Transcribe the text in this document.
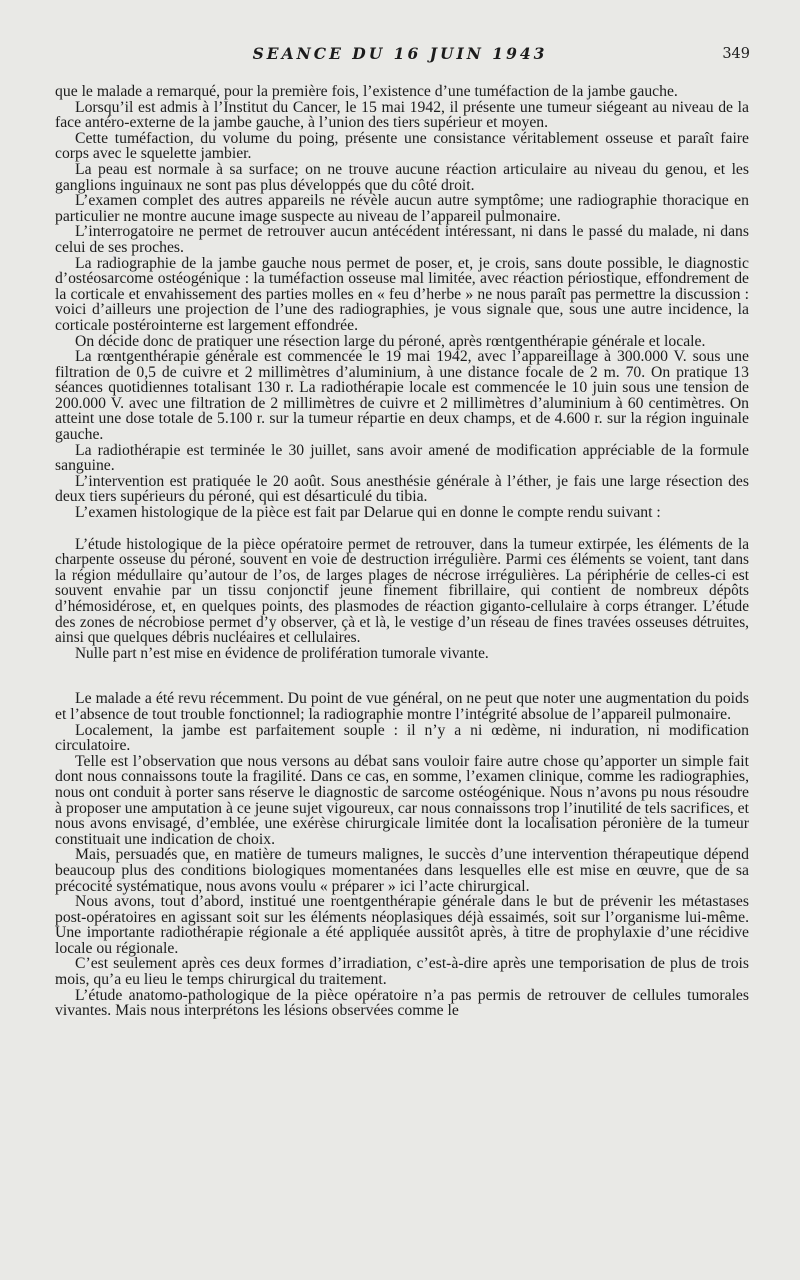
SEANCE DU 16 JUIN 1943	349

que le malade a remarqué, pour la première fois, l’existence d’une tuméfaction de la jambe gauche.

Lorsqu’il est admis à l’Institut du Cancer, le 15 mai 1942, il présente une tumeur siégeant au niveau de la face antéro-externe de la jambe gauche, à l’union des tiers supérieur et moyen.

Cette tuméfaction, du volume du poing, présente une consistance véritablement osseuse et paraît faire corps avec le squelette jambier.

La peau est normale à sa surface; on ne trouve aucune réaction articulaire au niveau du genou, et les ganglions inguinaux ne sont pas plus développés que du côté droit.

L’examen complet des autres appareils ne révèle aucun autre symptôme; une radiographie thoracique en particulier ne montre aucune image suspecte au niveau de l’appareil pulmonaire.

L’interrogatoire ne permet de retrouver aucun antécédent intéressant, ni dans le passé du malade, ni dans celui de ses proches.

La radiographie de la jambe gauche nous permet de poser, et, je crois, sans doute possible, le diagnostic d’ostéosarcome ostéogénique : la tuméfaction osseuse mal limitée, avec réaction périostique, effondrement de la corticale et envahissement des parties molles en « feu d’herbe » ne nous paraît pas permettre la discussion : voici d’ailleurs une projection de l’une des radiographies, je vous signale que, sous une autre incidence, la corticale postérointerne est largement effondrée.

On décide donc de pratiquer une résection large du péroné, après rœntgenthérapie générale et locale.

La rœntgenthérapie générale est commencée le 19 mai 1942, avec l’appareillage à 300.000 V. sous une filtration de 0,5 de cuivre et 2 millimètres d’aluminium, à une distance focale de 2 m. 70. On pratique 13 séances quotidiennes totalisant 130 r. La radiothérapie locale est commencée le 10 juin sous une tension de 200.000 V. avec une filtration de 2 millimètres de cuivre et 2 millimètres d’aluminium à 60 centimètres. On atteint une dose totale de 5.100 r. sur la tumeur répartie en deux champs, et de 4.600 r. sur la région inguinale gauche.

La radiothérapie est terminée le 30 juillet, sans avoir amené de modification appréciable de la formule sanguine.

L’intervention est pratiquée le 20 août. Sous anesthésie générale à l’éther, je fais une large résection des deux tiers supérieurs du péroné, qui est désarticulé du tibia.

L’examen histologique de la pièce est fait par Delarue qui en donne le compte rendu suivant :

L’étude histologique de la pièce opératoire permet de retrouver, dans la tumeur extirpée, les éléments de la charpente osseuse du péroné, souvent en voie de destruction irrégulière. Parmi ces éléments se voient, tant dans la région médullaire qu’autour de l’os, de larges plages de nécrose irrégulières. La périphérie de celles-ci est souvent envahie par un tissu conjonctif jeune finement fibrillaire, qui contient de nombreux dépôts d’hémosidérose, et, en quelques points, des plasmodes de réaction giganto-cellulaire à corps étranger. L’étude des zones de nécrobiose permet d’y observer, çà et là, le vestige d’un réseau de fines travées osseuses détruites, ainsi que quelques débris nucléaires et cellulaires.

Nulle part n’est mise en évidence de prolifération tumorale vivante.

Le malade a été revu récemment. Du point de vue général, on ne peut que noter une augmentation du poids et l’absence de tout trouble fonctionnel; la radiographie montre l’intégrité absolue de l’appareil pulmonaire.

Localement, la jambe est parfaitement souple : il n’y a ni œdème, ni induration, ni modification circulatoire.

Telle est l’observation que nous versons au débat sans vouloir faire autre chose qu’apporter un simple fait dont nous connaissons toute la fragilité. Dans ce cas, en somme, l’examen clinique, comme les radiographies, nous ont conduit à porter sans réserve le diagnostic de sarcome ostéogénique. Nous n’avons pu nous résoudre à proposer une amputation à ce jeune sujet vigoureux, car nous connaissons trop l’inutilité de tels sacrifices, et nous avons envisagé, d’emblée, une exérèse chirurgicale limitée dont la localisation péronière de la tumeur constituait une indication de choix.

Mais, persuadés que, en matière de tumeurs malignes, le succès d’une intervention thérapeutique dépend beaucoup plus des conditions biologiques momentanées dans lesquelles elle est mise en œuvre, que de sa précocité systématique, nous avons voulu « préparer » ici l’acte chirurgical.

Nous avons, tout d’abord, institué une roentgenthérapie générale dans le but de prévenir les métastases post-opératoires en agissant soit sur les éléments néoplasiques déjà essaimés, soit sur l’organisme lui-même. Une importante radiothérapie régionale a été appliquée aussitôt après, à titre de prophylaxie d’une récidive locale ou régionale.

C’est seulement après ces deux formes d’irradiation, c’est-à-dire après une temporisation de plus de trois mois, qu’a eu lieu le temps chirurgical du traitement.

L’étude anatomo-pathologique de la pièce opératoire n’a pas permis de retrouver de cellules tumorales vivantes. Mais nous interprétons les lésions observées comme le
